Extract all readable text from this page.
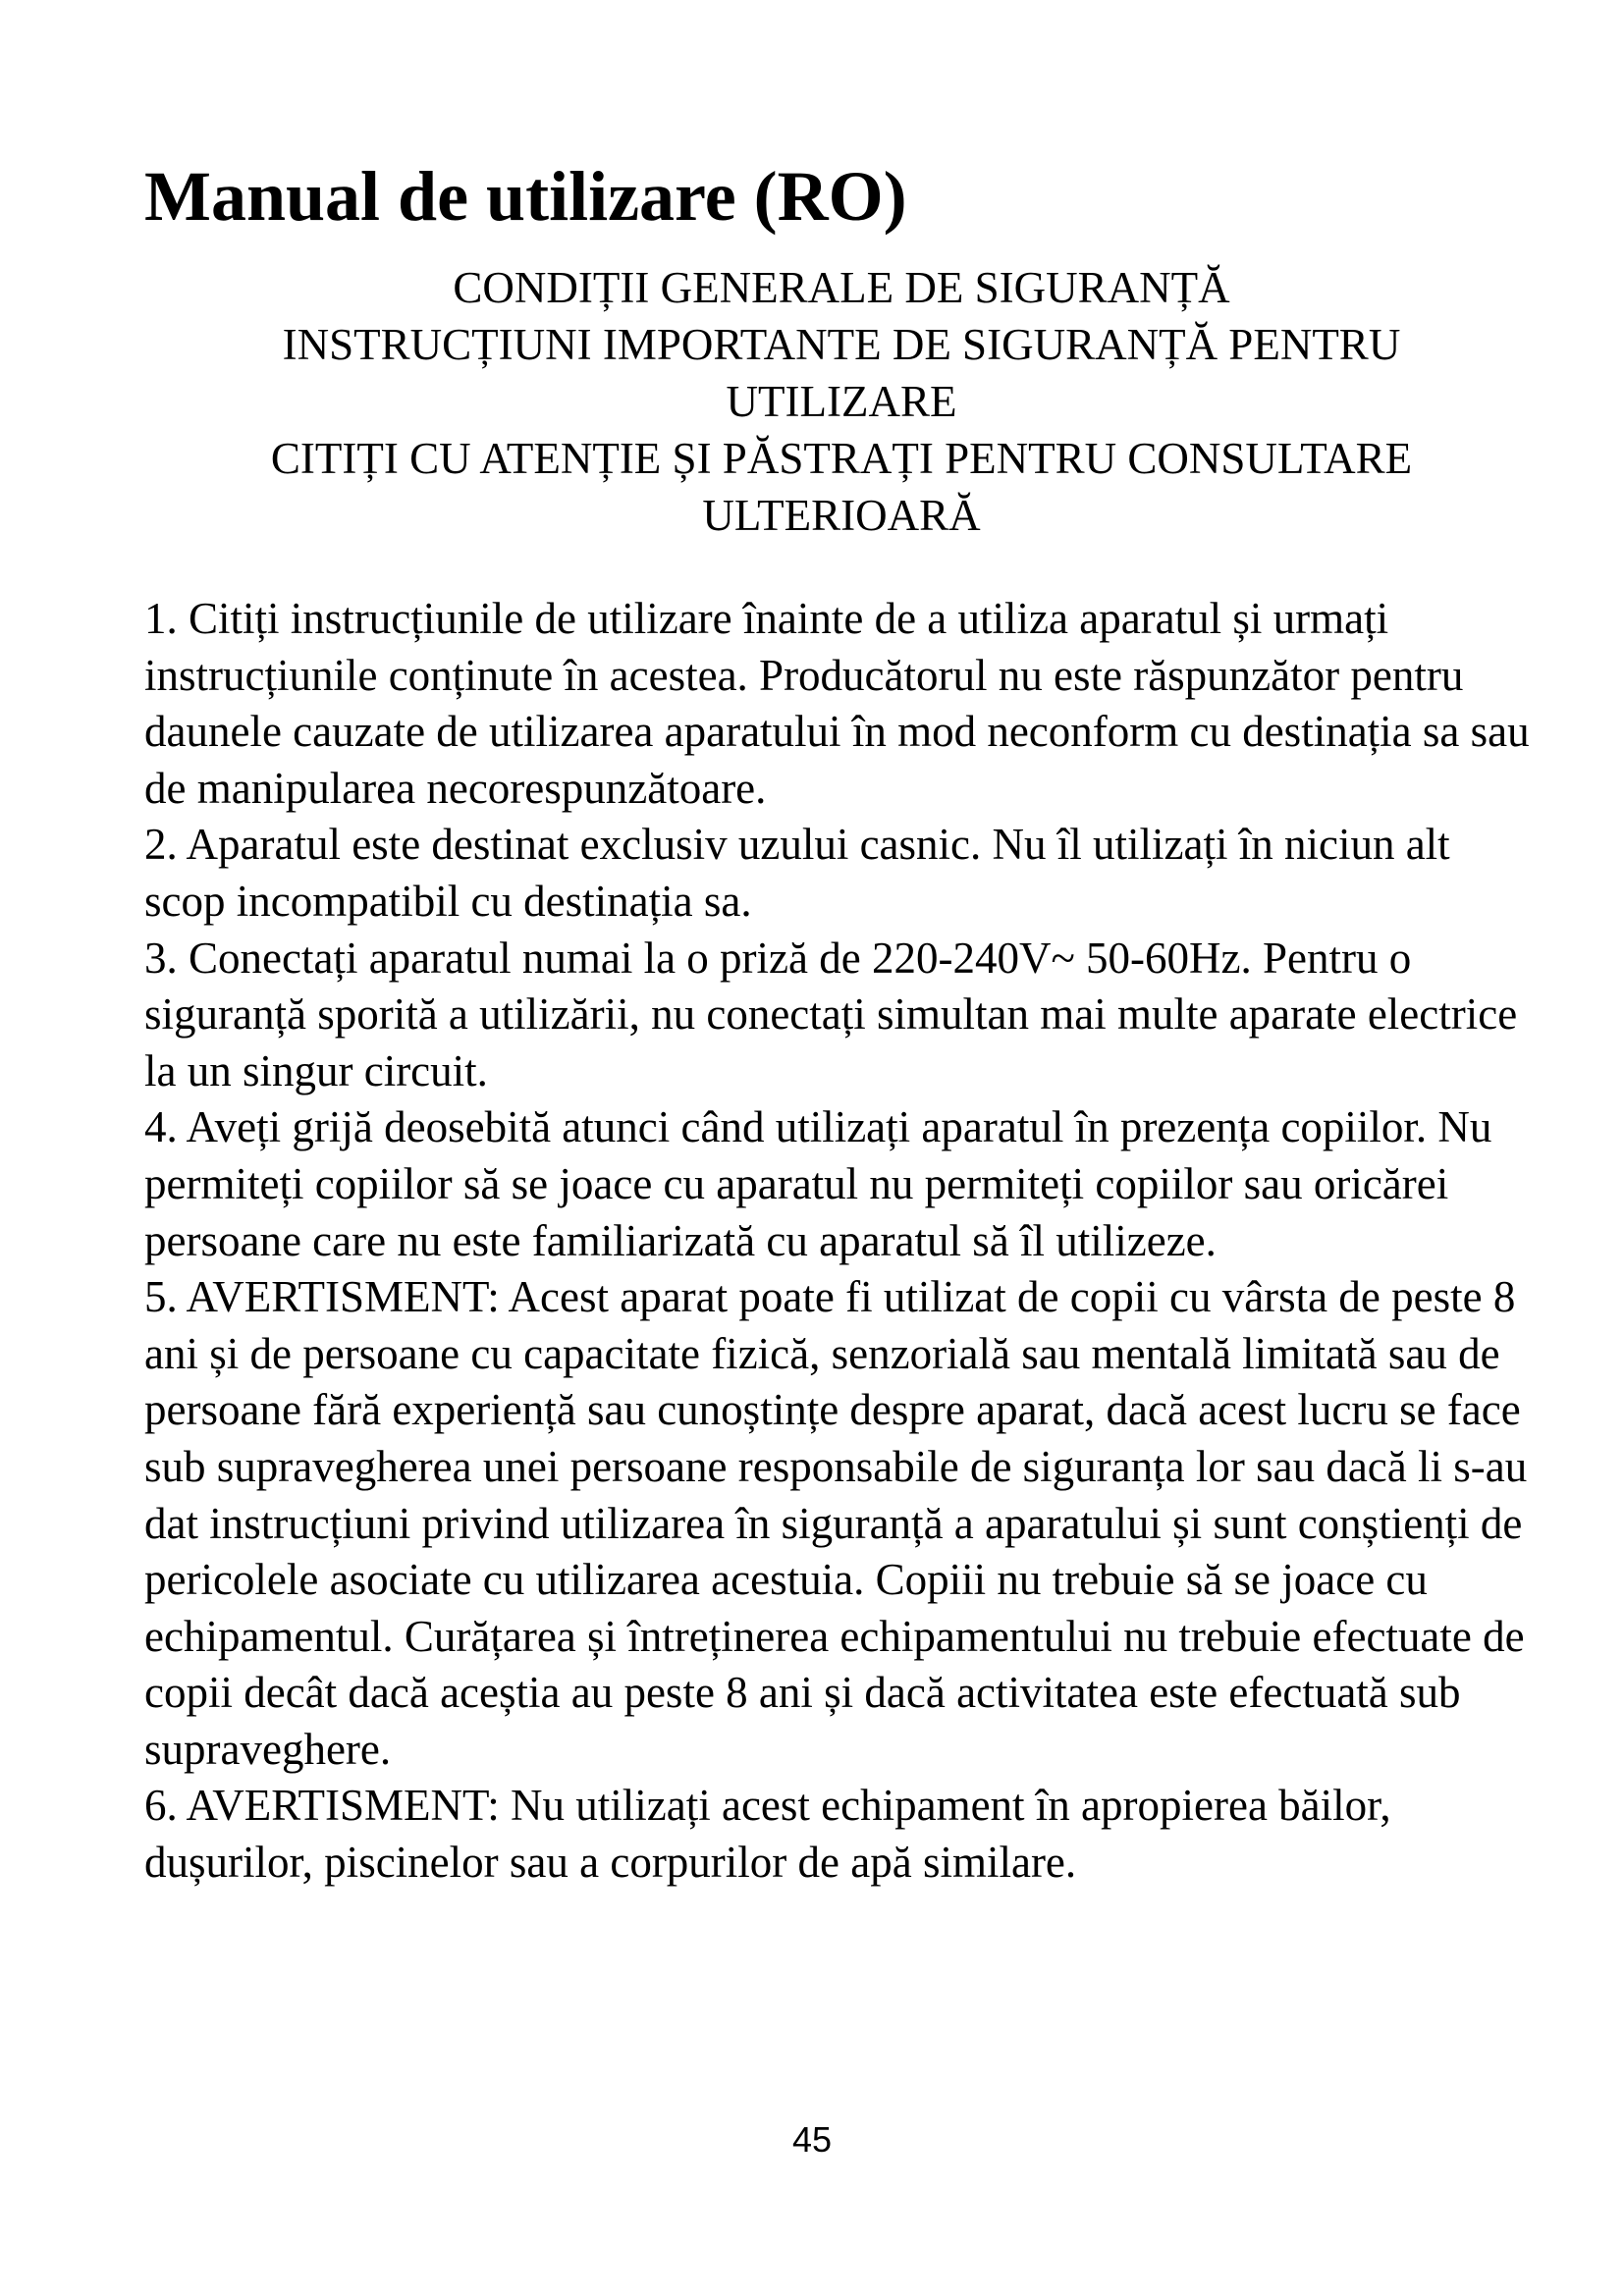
Manual de utilizare (RO)
CONDIȚII GENERALE DE SIGURANȚĂ
INSTRUCȚIUNI IMPORTANTE DE SIGURANȚĂ PENTRU
UTILIZARE
CITIȚI CU ATENȚIE ȘI PĂSTRAȚI PENTRU CONSULTARE
ULTERIOARĂ

1. Citiți instrucțiunile de utilizare înainte de a utiliza aparatul și urmați instrucțiunile conținute în acestea. Producătorul nu este răspunzător pentru daunele cauzate de utilizarea aparatului în mod neconform cu destinația sa sau de manipularea necorespunzătoare.

2. Aparatul este destinat exclusiv uzului casnic. Nu îl utilizați în niciun alt scop incompatibil cu destinația sa.

3. Conectați aparatul numai la o priză de 220-240V~ 50-60Hz. Pentru o siguranță sporită a utilizării, nu conectați simultan mai multe aparate electrice la un singur circuit.

4. Aveți grijă deosebită atunci când utilizați aparatul în prezența copiilor. Nu permiteți copiilor să se joace cu aparatul nu permiteți copiilor sau oricărei persoane care nu este familiarizată cu aparatul să îl utilizeze.

5. AVERTISMENT: Acest aparat poate fi utilizat de copii cu vârsta de peste 8 ani și de persoane cu capacitate fizică, senzorială sau mentală limitată sau de persoane fără experiență sau cunoștințe despre aparat, dacă acest lucru se face sub supravegherea unei persoane responsabile de siguranța lor sau dacă li s-au dat instrucțiuni privind utilizarea în siguranță a aparatului și sunt conștienți de pericolele asociate cu utilizarea acestuia. Copiii nu trebuie să se joace cu echipamentul. Curățarea și întreținerea echipamentului nu trebuie efectuate de copii decât dacă aceștia au peste 8 ani și dacă activitatea este efectuată sub supraveghere.

6. AVERTISMENT: Nu utilizați acest echipament în apropierea băilor, dușurilor, piscinelor sau a corpurilor de apă similare.

45
